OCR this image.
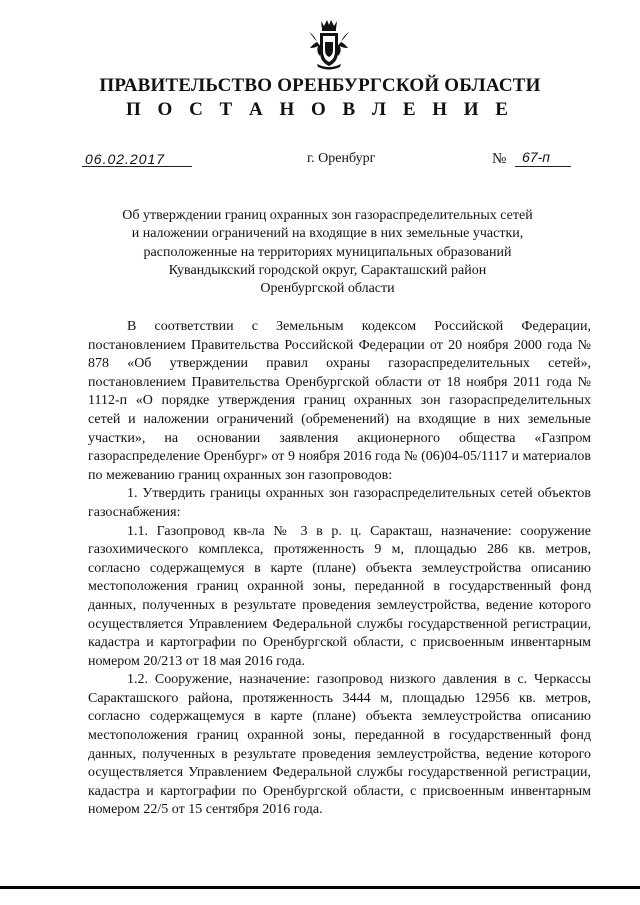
ПРАВИТЕЛЬСТВО ОРЕНБУРГСКОЙ ОБЛАСТИ
П О С Т А Н О В Л Е Н И Е
06.02.2017	г. Оренбург	№ 67-п
Об утверждении границ охранных зон газораспределительных сетей
и наложении ограничений на входящие в них земельные участки,
расположенные на территориях муниципальных образований
Кувандыкский городской округ, Саракташский район
Оренбургской области

В соответствии с Земельным кодексом Российской Федерации, постановлением Правительства Российской Федерации от 20 ноября 2000 года № 878 «Об утверждении правил охраны газораспределительных сетей», постановлением Правительства Оренбургской области от 18 ноября 2011 года № 1112-п «О порядке утверждения границ охранных зон газораспределительных сетей и наложении ограничений (обременений) на входящие в них земельные участки», на основании заявления акционерного общества «Газпром газораспределение Оренбург» от 9 ноября 2016 года № (06)04-05/1117 и материалов по межеванию границ охранных зон газопроводов:

1. Утвердить границы охранных зон газораспределительных сетей объектов газоснабжения:

1.1. Газопровод кв-ла № 3 в р. ц. Саракташ, назначение: сооружение газохимического комплекса, протяженность 9 м, площадью 286 кв. метров, согласно содержащемуся в карте (плане) объекта землеустройства описанию местоположения границ охранной зоны, переданной в государственный фонд данных, полученных в результате проведения землеустройства, ведение которого осуществляется Управлением Федеральной службы государственной регистрации, кадастра и картографии по Оренбургской области, с присвоенным инвентарным номером 20/213 от 18 мая 2016 года.

1.2. Сооружение, назначение: газопровод низкого давления в с. Черкассы Саракташского района, протяженность 3444 м, площадью 12956 кв. метров, согласно содержащемуся в карте (плане) объекта землеустройства описанию местоположения границ охранной зоны, переданной в государственный фонд данных, полученных в результате проведения землеустройства, ведение которого осуществляется Управлением Федеральной службы государственной регистрации, кадастра и картографии по Оренбургской области, с присвоенным инвентарным номером 22/5 от 15 сентября 2016 года.
